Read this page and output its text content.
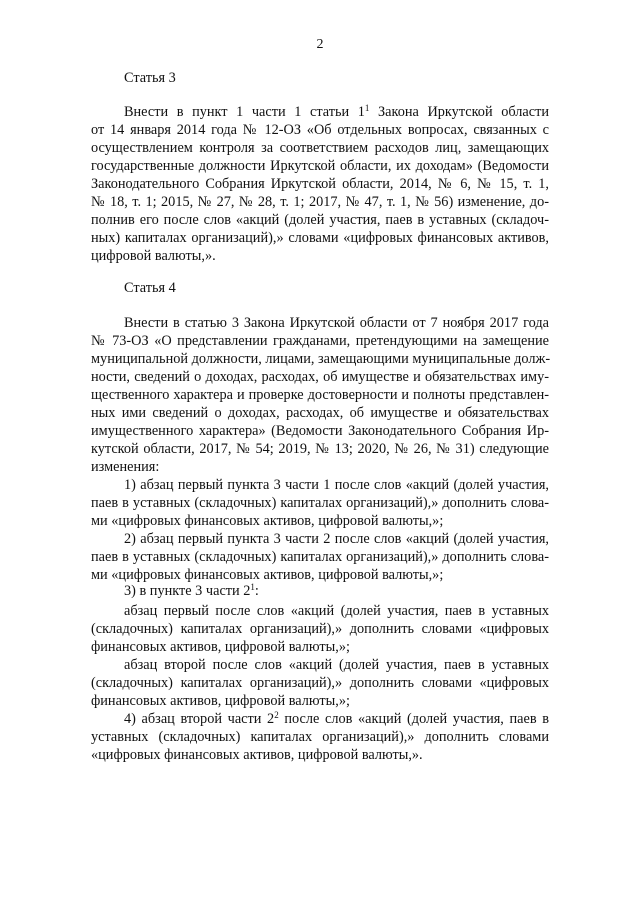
2
Статья 3
Внести в пункт 1 части 1 статьи $1^1$ Закона Иркутской области
от 14 января 2014 года № 12-ОЗ «Об отдельных вопросах, связанных с
осуществлением контроля за соответствием расходов лиц, замещающих
государственные должности Иркутской области, их доходам» (Ведомости
Законодательного Собрания Иркутской области, 2014, № 6, № 15, т. 1,
№ 18, т. 1; 2015, № 27, № 28, т. 1; 2017, № 47, т. 1, № 56) изменение, до-
полнив его после слов «акций (долей участия, паев в уставных (складоч-
ных) капиталах организаций),» словами «цифровых финансовых активов,
цифровой валюты,».
Статья 4
Внести в статью 3 Закона Иркутской области от 7 ноября 2017 года
№ 73-ОЗ «О представлении гражданами, претендующими на замещение
муниципальной должности, лицами, замещающими муниципальные долж-
ности, сведений о доходах, расходах, об имуществе и обязательствах иму-
щественного характера и проверке достоверности и полноты представлен-
ных ими сведений о доходах, расходах, об имуществе и обязательствах
имущественного характера» (Ведомости Законодательного Собрания Ир-
кутской области, 2017, № 54; 2019, № 13; 2020, № 26, № 31) следующие
изменения:
1) абзац первый пункта 3 части 1 после слов «акций (долей участия,
паев в уставных (складочных) капиталах организаций),» дополнить слова-
ми «цифровых финансовых активов, цифровой валюты,»;
2) абзац первый пункта 3 части 2 после слов «акций (долей участия,
паев в уставных (складочных) капиталах организаций),» дополнить слова-
ми «цифровых финансовых активов, цифровой валюты,»;
3) в пункте 3 части $2^1$:
абзац первый после слов «акций (долей участия, паев в уставных
(складочных) капиталах организаций),» дополнить словами «цифровых
финансовых активов, цифровой валюты,»;
абзац второй после слов «акций (долей участия, паев в уставных
(складочных) капиталах организаций),» дополнить словами «цифровых
финансовых активов, цифровой валюты,»;
4) абзац второй части $2^2$ после слов «акций (долей участия, паев в
уставных (складочных) капиталах организаций),» дополнить словами
«цифровых финансовых активов, цифровой валюты,».
